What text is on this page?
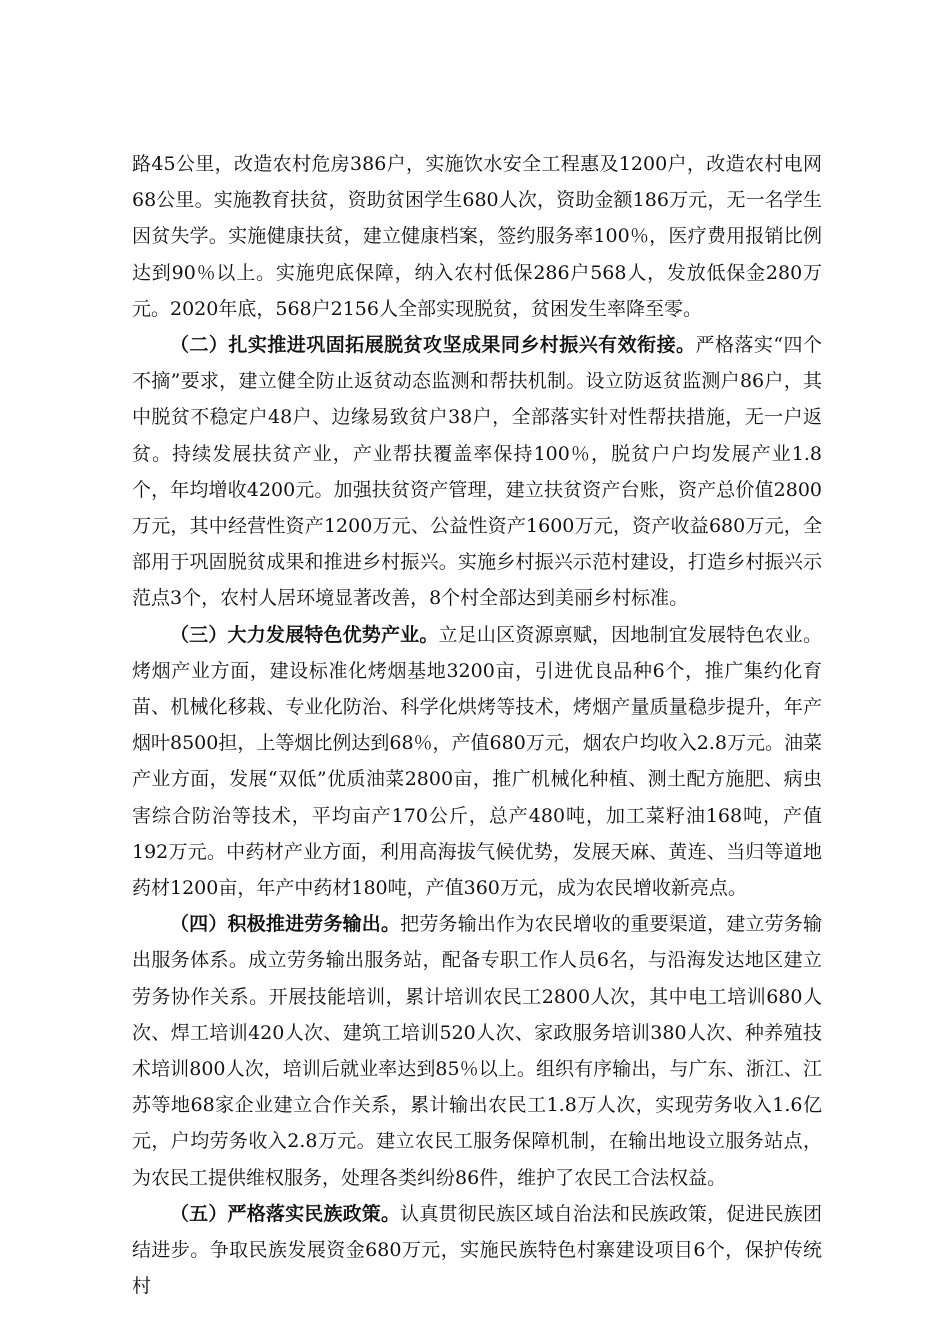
路45公里，改造农村危房386户，实施饮水安全工程惠及1200户，改造农村电网68公里。实施教育扶贫，资助贫困学生680人次，资助金额186万元，无一名学生因贫失学。实施健康扶贫，建立健康档案，签约服务率100％，医疗费用报销比例达到90％以上。实施兜底保障，纳入农村低保286户568人，发放低保金280万元。2020年底，568户2156人全部实现脱贫，贫困发生率降至零。

（二）扎实推进巩固拓展脱贫攻坚成果同乡村振兴有效衔接。严格落实“四个不摘”要求，建立健全防止返贫动态监测和帮扶机制。设立防返贫监测户86户，其中脱贫不稳定户48户、边缘易致贫户38户，全部落实针对性帮扶措施，无一户返贫。持续发展扶贫产业，产业帮扶覆盖率保持100％，脱贫户户均发展产业1.8个，年均增收4200元。加强扶贫资产管理，建立扶贫资产台账，资产总价值2800万元，其中经营性资产1200万元、公益性资产1600万元，资产收益680万元，全部用于巩固脱贫成果和推进乡村振兴。实施乡村振兴示范村建设，打造乡村振兴示范点3个，农村人居环境显著改善，8个村全部达到美丽乡村标准。

（三）大力发展特色优势产业。立足山区资源禀赋，因地制宜发展特色农业。烤烟产业方面，建设标准化烤烟基地3200亩，引进优良品种6个，推广集约化育苗、机械化移栽、专业化防治、科学化烘烤等技术，烤烟产量质量稳步提升，年产烟叶8500担，上等烟比例达到68％，产值680万元，烟农户均收入2.8万元。油菜产业方面，发展“双低”优质油菜2800亩，推广机械化种植、测土配方施肥、病虫害综合防治等技术，平均亩产170公斤，总产480吨，加工菜籽油168吨，产值192万元。中药材产业方面，利用高海拔气候优势，发展天麻、黄连、当归等道地药材1200亩，年产中药材180吨，产值360万元，成为农民增收新亮点。

（四）积极推进劳务输出。把劳务输出作为农民增收的重要渠道，建立劳务输出服务体系。成立劳务输出服务站，配备专职工作人员6名，与沿海发达地区建立劳务协作关系。开展技能培训，累计培训农民工2800人次，其中电工培训680人次、焊工培训420人次、建筑工培训520人次、家政服务培训380人次、种养殖技术培训800人次，培训后就业率达到85％以上。组织有序输出，与广东、浙江、江苏等地68家企业建立合作关系，累计输出农民工1.8万人次，实现劳务收入1.6亿元，户均劳务收入2.8万元。建立农民工服务保障机制，在输出地设立服务站点，为农民工提供维权服务，处理各类纠纷86件，维护了农民工合法权益。

（五）严格落实民族政策。认真贯彻民族区域自治法和民族政策，促进民族团结进步。争取民族发展资金680万元，实施民族特色村寨建设项目6个，保护传统村
